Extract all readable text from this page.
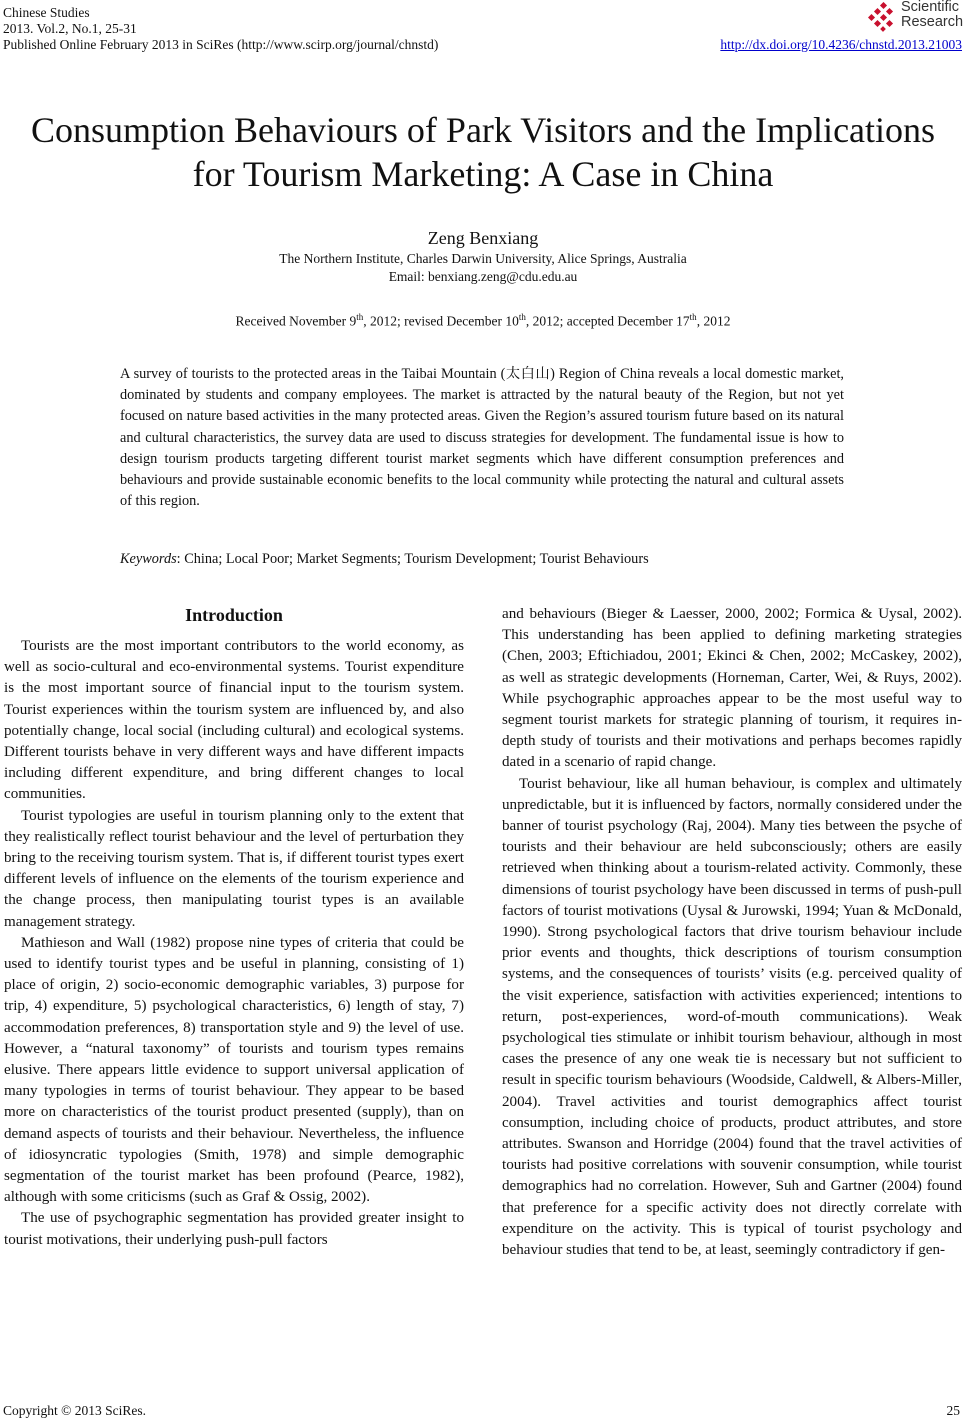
Chinese Studies
2013. Vol.2, No.1, 25-31
Published Online February 2013 in SciRes (http://www.scirp.org/journal/chnstd)
Scientific
Research
http://dx.doi.org/10.4236/chnstd.2013.21003
Consumption Behaviours of Park Visitors and the Implications
for Tourism Marketing: A Case in China
Zeng Benxiang
The Northern Institute, Charles Darwin University, Alice Springs, Australia
Email: benxiang.zeng@cdu.edu.au
Received November 9th, 2012; revised December 10th, 2012; accepted December 17th, 2012

A survey of tourists to the protected areas in the Taibai Mountain (太白山) Region of China reveals a local domestic market, dominated by students and company employees. The market is attracted by the natural beauty of the Region, but not yet focused on nature based activities in the many protected areas. Given the Region’s assured tourism future based on its natural and cultural characteristics, the survey data are used to discuss strategies for development. The fundamental issue is how to design tourism products targeting different tourist market segments which have different consumption preferences and behaviours and provide sustainable economic benefits to the local community while protecting the natural and cultural assets of this region.

Keywords: China; Local Poor; Market Segments; Tourism Development; Tourist Behaviours
Introduction

Tourists are the most important contributors to the world economy, as well as socio-cultural and eco-environmental systems. Tourist expenditure is the most important source of financial input to the tourism system. Tourist experiences within the tourism system are influenced by, and also potentially change, local social (including cultural) and ecological systems. Different tourists behave in very different ways and have different impacts including different expenditure, and bring different changes to local communities.

Tourist typologies are useful in tourism planning only to the extent that they realistically reflect tourist behaviour and the level of perturbation they bring to the receiving tourism system. That is, if different tourist types exert different levels of influence on the elements of the tourism experience and the change process, then manipulating tourist types is an available management strategy.

Mathieson and Wall (1982) propose nine types of criteria that could be used to identify tourist types and be useful in planning, consisting of 1) place of origin, 2) socio-economic demographic variables, 3) purpose for trip, 4) expenditure, 5) psychological characteristics, 6) length of stay, 7) accommodation preferences, 8) transportation style and 9) the level of use. However, a “natural taxonomy” of tourists and tourism types remains elusive. There appears little evidence to support universal application of many typologies in terms of tourist behaviour. They appear to be based more on characteristics of the tourist product presented (supply), than on demand aspects of tourists and their behaviour. Nevertheless, the influence of idiosyncratic typologies (Smith, 1978) and simple demographic segmentation of the tourist market has been profound (Pearce, 1982), although with some criticisms (such as Graf & Ossig, 2002).

The use of psychographic segmentation has provided greater insight to tourist motivations, their underlying push-pull factors

and behaviours (Bieger & Laesser, 2000, 2002; Formica & Uysal, 2002). This understanding has been applied to defining marketing strategies (Chen, 2003; Eftichiadou, 2001; Ekinci & Chen, 2002; McCaskey, 2002), as well as strategic developments (Horneman, Carter, Wei, & Ruys, 2002). While psychographic approaches appear to be the most useful way to segment tourist markets for strategic planning of tourism, it requires in-depth study of tourists and their motivations and perhaps becomes rapidly dated in a scenario of rapid change.

Tourist behaviour, like all human behaviour, is complex and ultimately unpredictable, but it is influenced by factors, normally considered under the banner of tourist psychology (Raj, 2004). Many ties between the psyche of tourists and their behaviour are held subconsciously; others are easily retrieved when thinking about a tourism-related activity. Commonly, these dimensions of tourist psychology have been discussed in terms of push-pull factors of tourist motivations (Uysal & Jurowski, 1994; Yuan & McDonald, 1990). Strong psychological factors that drive tourism behaviour include prior events and thoughts, thick descriptions of tourism consumption systems, and the consequences of tourists’ visits (e.g. perceived quality of the visit experience, satisfaction with activities experienced; intentions to return, post-experiences, word-of-mouth communications). Weak psychological ties stimulate or inhibit tourism behaviour, although in most cases the presence of any one weak tie is necessary but not sufficient to result in specific tourism behaviours (Woodside, Caldwell, & Albers-Miller, 2004). Travel activities and tourist demographics affect tourist consumption, including choice of products, product attributes, and store attributes. Swanson and Horridge (2004) found that the travel activities of tourists had positive correlations with souvenir consumption, while tourist demographics had no correlation. However, Suh and Gartner (2004) found that preference for a specific activity does not directly correlate with expenditure on the activity. This is typical of tourist psychology and behaviour studies that tend to be, at least, seemingly contradictory if gen-

Copyright © 2013 SciRes.	25
